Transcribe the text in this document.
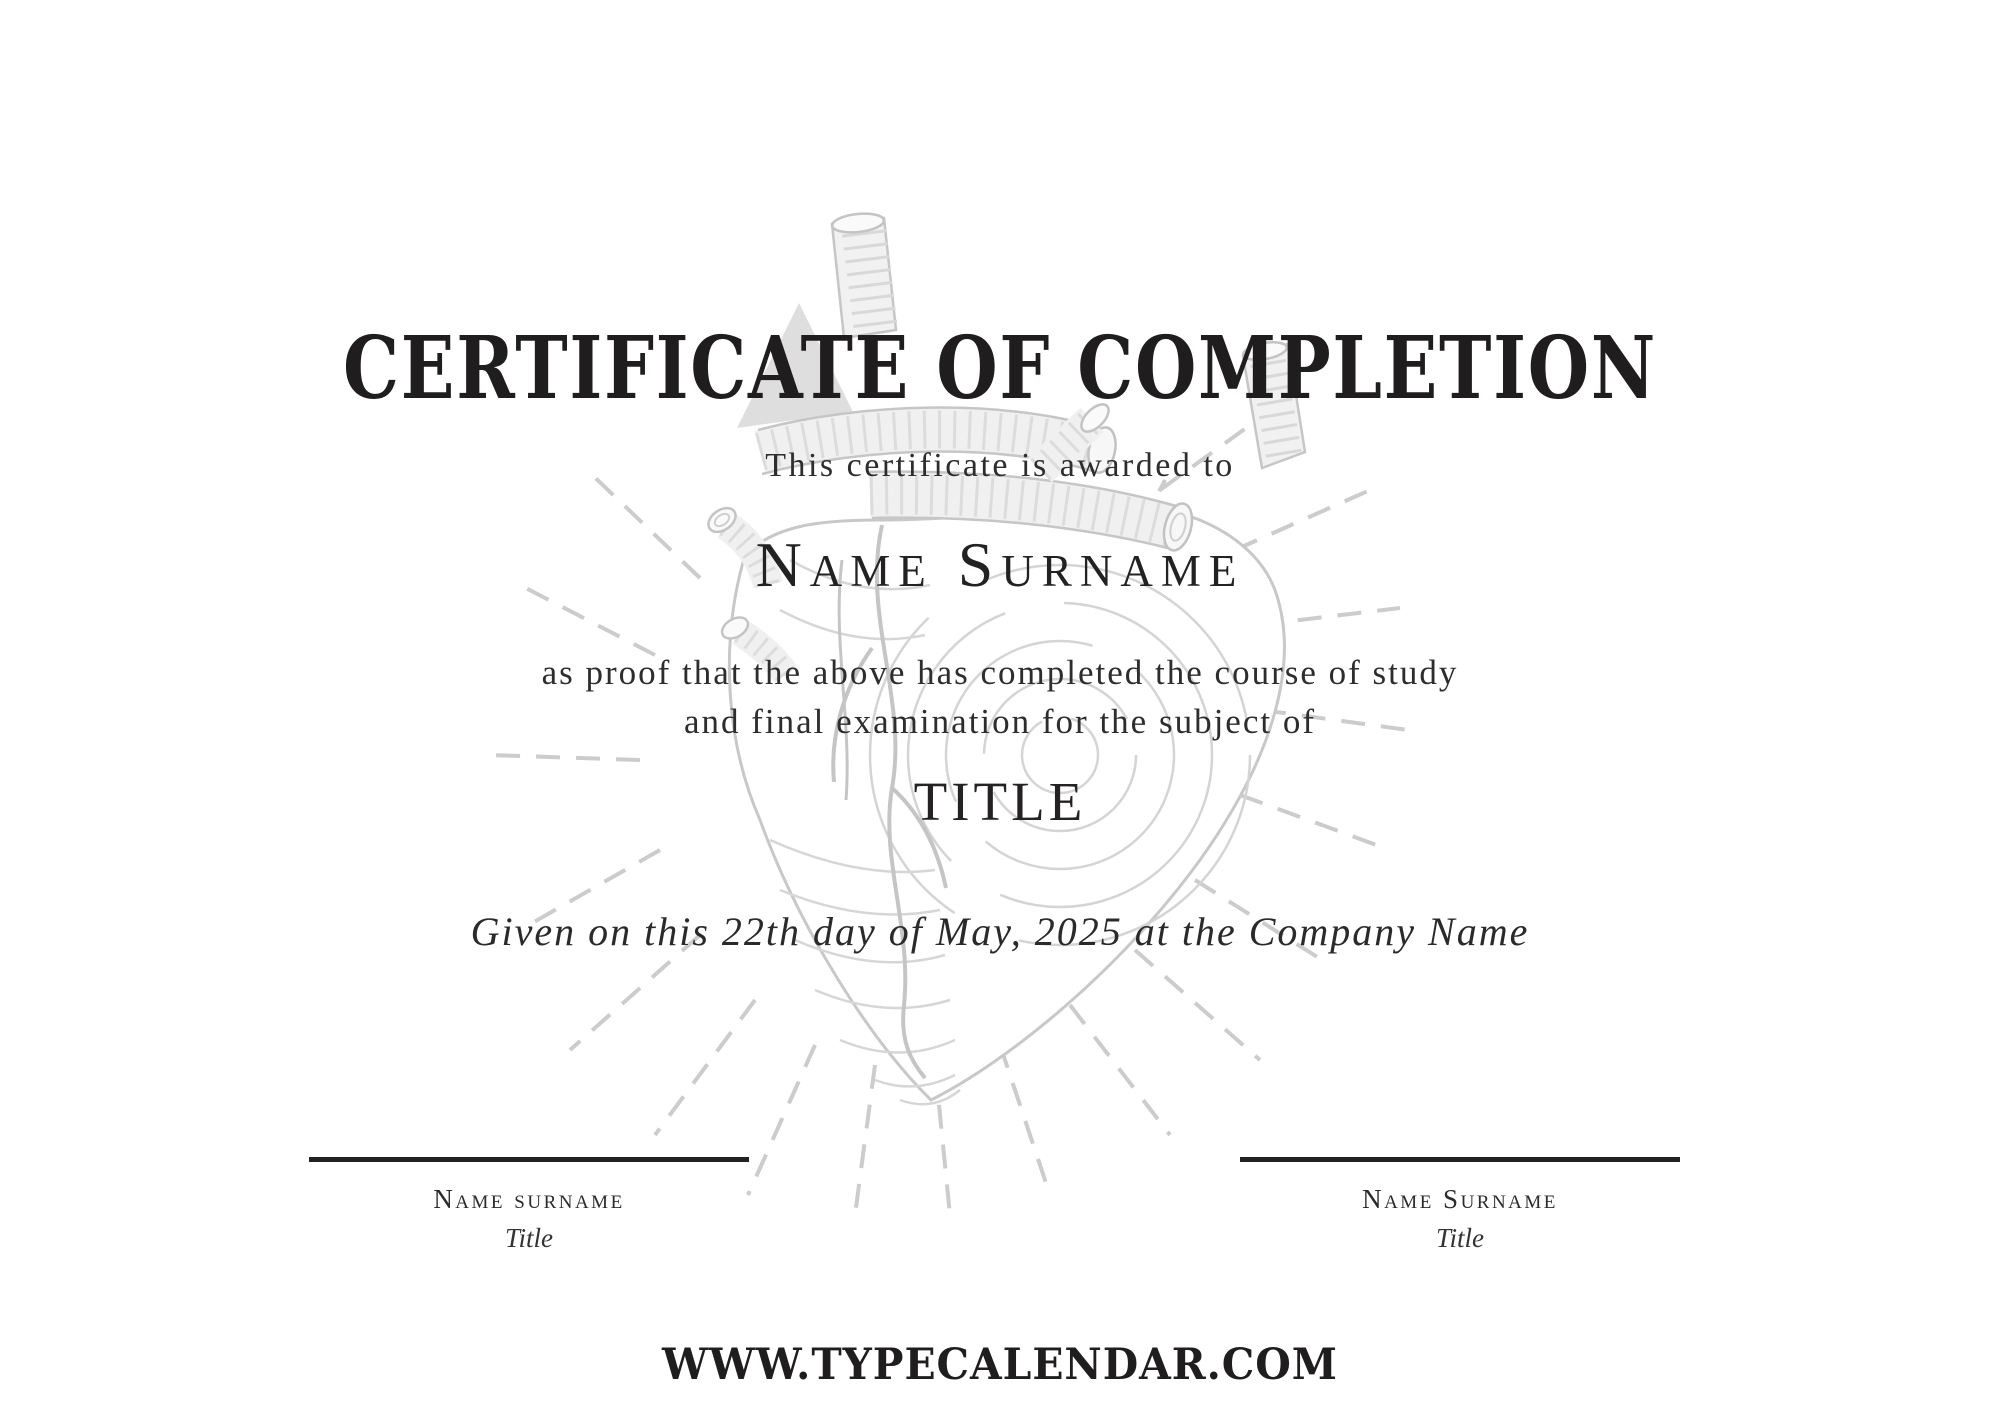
CERTIFICATE OF COMPLETION
This certificate is awarded to
Name Surname
as proof that the above has completed the course of study
and final examination for the subject of
TITLE
Given on this 22th day of May, 2025 at the Company Name
Name surname
Title
Name Surname
Title
WWW.TYPECALENDAR.COM
